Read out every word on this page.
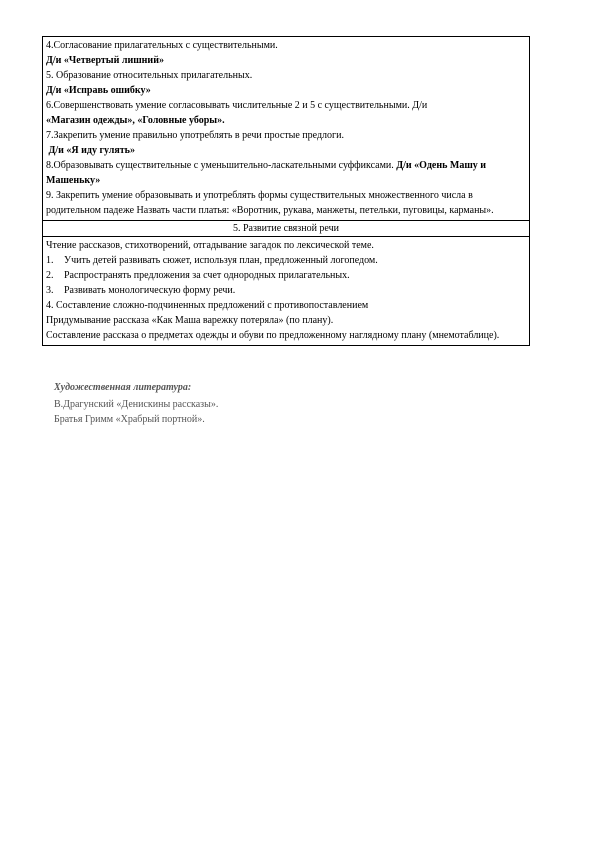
4.Согласование прилагательных с существительными.

Д/и «Четвертый лишний»

5. Образование относительных прилагательных.

Д/и «Исправь ошибку»

6.Совершенствовать умение согласовывать числительные 2 и 5 с существительными. Д/и

«Магазин одежды», «Головные уборы».

7.Закрепить умение правильно употреблять в речи простые предлоги.

Д/и «Я иду гулять»

8.Образовывать существительные с уменьшительно-ласкательными суффиксами. Д/и «Одень Машу и Машеньку»

9. Закрепить умение образовывать и употреблять формы существительных множественного числа в родительном падеже Назвать части платья: «Воротник, рукава, манжеты, петельки, пуговицы, карманы».

5. Развитие связной речи

Чтение рассказов, стихотворений, отгадывание загадок по лексической теме.

1.	Учить детей развивать сюжет, используя план, предложенный логопедом.
2.	Распространять предложения за счет однородных прилагательных.
3.	Развивать монологическую форму речи.

4. Составление сложно-подчиненных предложений с противопоставлением

Придумывание рассказа «Как Маша варежку потеряла» (по плану).

Составление рассказа о предметах одежды и обуви по предложенному наглядному плану (мнемотаблице).

Художественная литература:

В.Драгунский «Денискины рассказы».

Братья Гримм «Храбрый портной».
